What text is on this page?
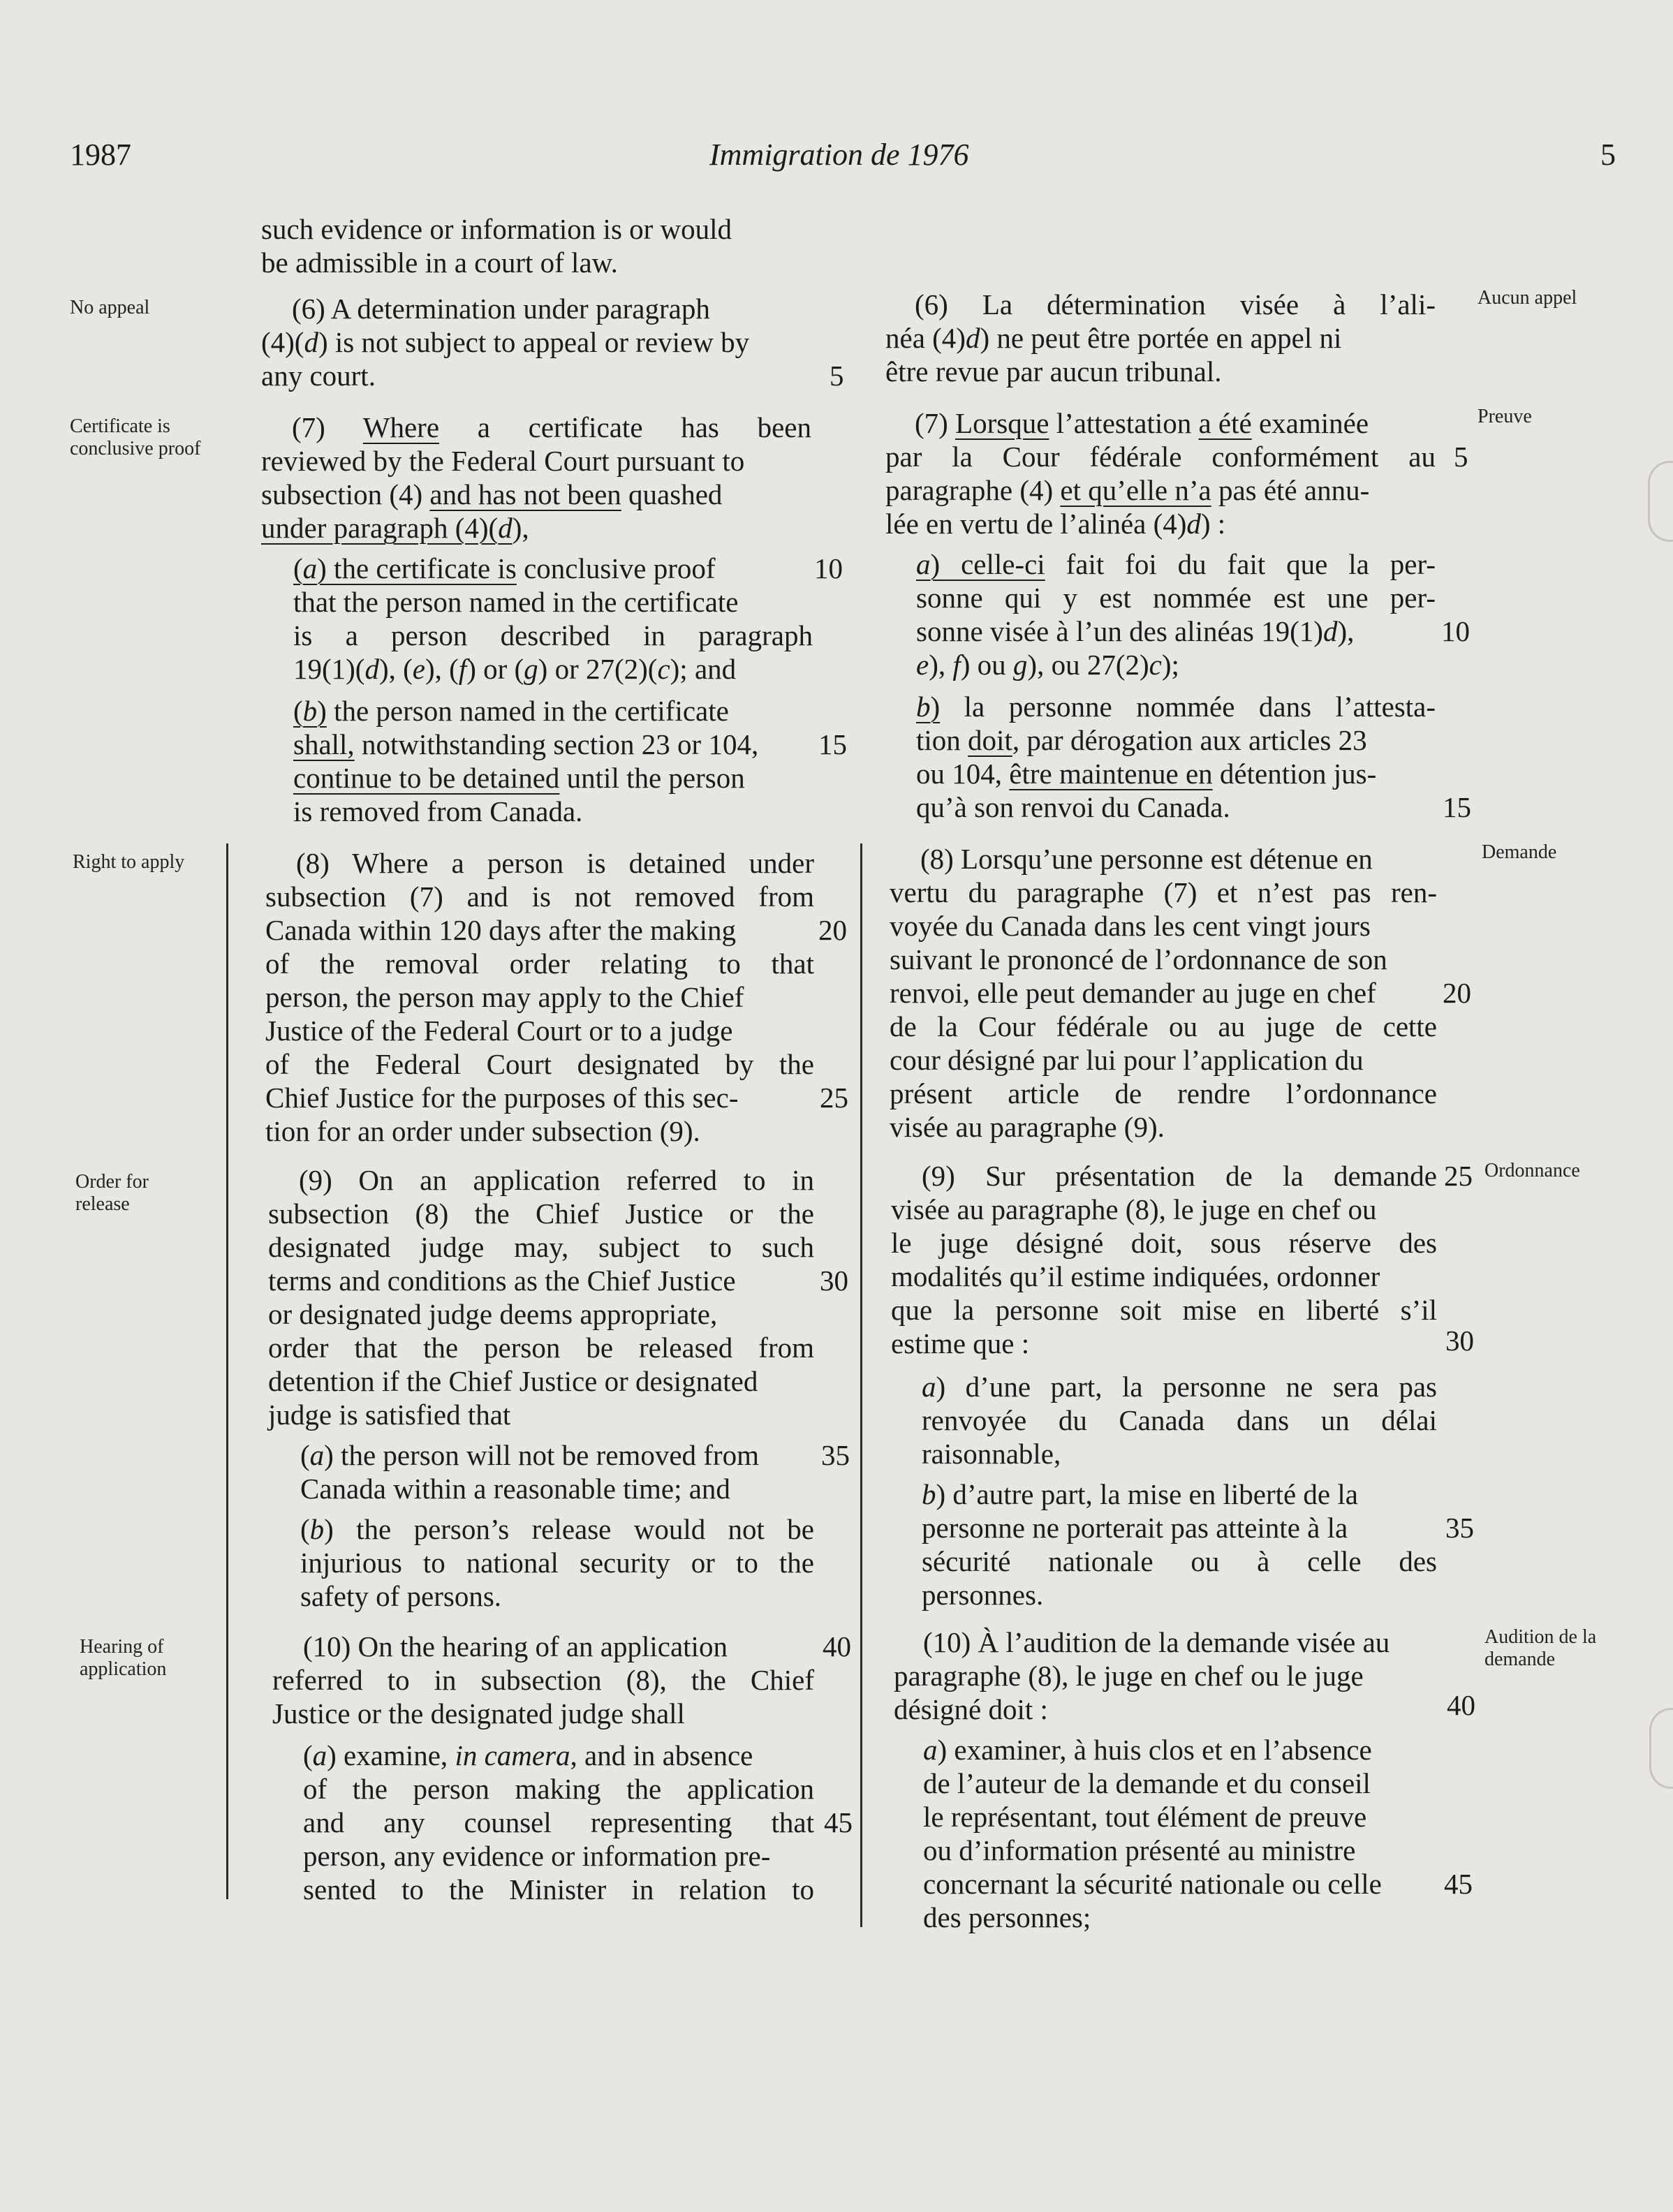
1987	Immigration de 1976	5
No appeal
Certificate is
conclusive proof
Right to apply
Order for
release
Hearing of
application
Aucun appel
Preuve
Demande
Ordonnance
Audition de la
demande
such evidence or information is or would
be admissible in a court of law.
(6) A determination under paragraph
(4)(d) is not subject to appeal or review by
any court.
(7) Where a certificate has been
reviewed by the Federal Court pursuant to
subsection (4) and has not been quashed
under paragraph (4)(d),
(a) the certificate is conclusive proof
that the person named in the certificate
is a person described in paragraph
19(1)(d), (e), (f) or (g) or 27(2)(c); and
(b) the person named in the certificate
shall, notwithstanding section 23 or 104,
continue to be detained until the person
is removed from Canada.
(8) Where a person is detained under
subsection (7) and is not removed from
Canada within 120 days after the making
of the removal order relating to that
person, the person may apply to the Chief
Justice of the Federal Court or to a judge
of the Federal Court designated by the
Chief Justice for the purposes of this sec-
tion for an order under subsection (9).
(9) On an application referred to in
subsection (8) the Chief Justice or the
designated judge may, subject to such
terms and conditions as the Chief Justice
or designated judge deems appropriate,
order that the person be released from
detention if the Chief Justice or designated
judge is satisfied that
(a) the person will not be removed from
Canada within a reasonable time; and
(b) the person’s release would not be
injurious to national security or to the
safety of persons.
(10) On the hearing of an application
referred to in subsection (8), the Chief
Justice or the designated judge shall
(a) examine, in camera, and in absence
of the person making the application
and any counsel representing that
person, any evidence or information pre-
sented to the Minister in relation to
5
10
15
20
25
30
35
40
45
(6) La détermination visée à l’ali-
néa (4)d) ne peut être portée en appel ni
être revue par aucun tribunal.
(7) Lorsque l’attestation a été examinée
par la Cour fédérale conformément au
paragraphe (4) et qu’elle n’a pas été annu-
lée en vertu de l’alinéa (4)d) :
a) celle-ci fait foi du fait que la per-
sonne qui y est nommée est une per-
sonne visée à l’un des alinéas 19(1)d),
e), f) ou g), ou 27(2)c);
b) la personne nommée dans l’attesta-
tion doit, par dérogation aux articles 23
ou 104, être maintenue en détention jus-
qu’à son renvoi du Canada.
(8) Lorsqu’une personne est détenue en
vertu du paragraphe (7) et n’est pas ren-
voyée du Canada dans les cent vingt jours
suivant le prononcé de l’ordonnance de son
renvoi, elle peut demander au juge en chef
de la Cour fédérale ou au juge de cette
cour désigné par lui pour l’application du
présent article de rendre l’ordonnance
visée au paragraphe (9).
(9) Sur présentation de la demande
visée au paragraphe (8), le juge en chef ou
le juge désigné doit, sous réserve des
modalités qu’il estime indiquées, ordonner
que la personne soit mise en liberté s’il
estime que :
a) d’une part, la personne ne sera pas
renvoyée du Canada dans un délai
raisonnable,
b) d’autre part, la mise en liberté de la
personne ne porterait pas atteinte à la
sécurité nationale ou à celle des
personnes.
(10) À l’audition de la demande visée au
paragraphe (8), le juge en chef ou le juge
désigné doit :
a) examiner, à huis clos et en l’absence
de l’auteur de la demande et du conseil
le représentant, tout élément de preuve
ou d’information présenté au ministre
concernant la sécurité nationale ou celle
des personnes;
5
10
15
20
25
30
35
40
45
